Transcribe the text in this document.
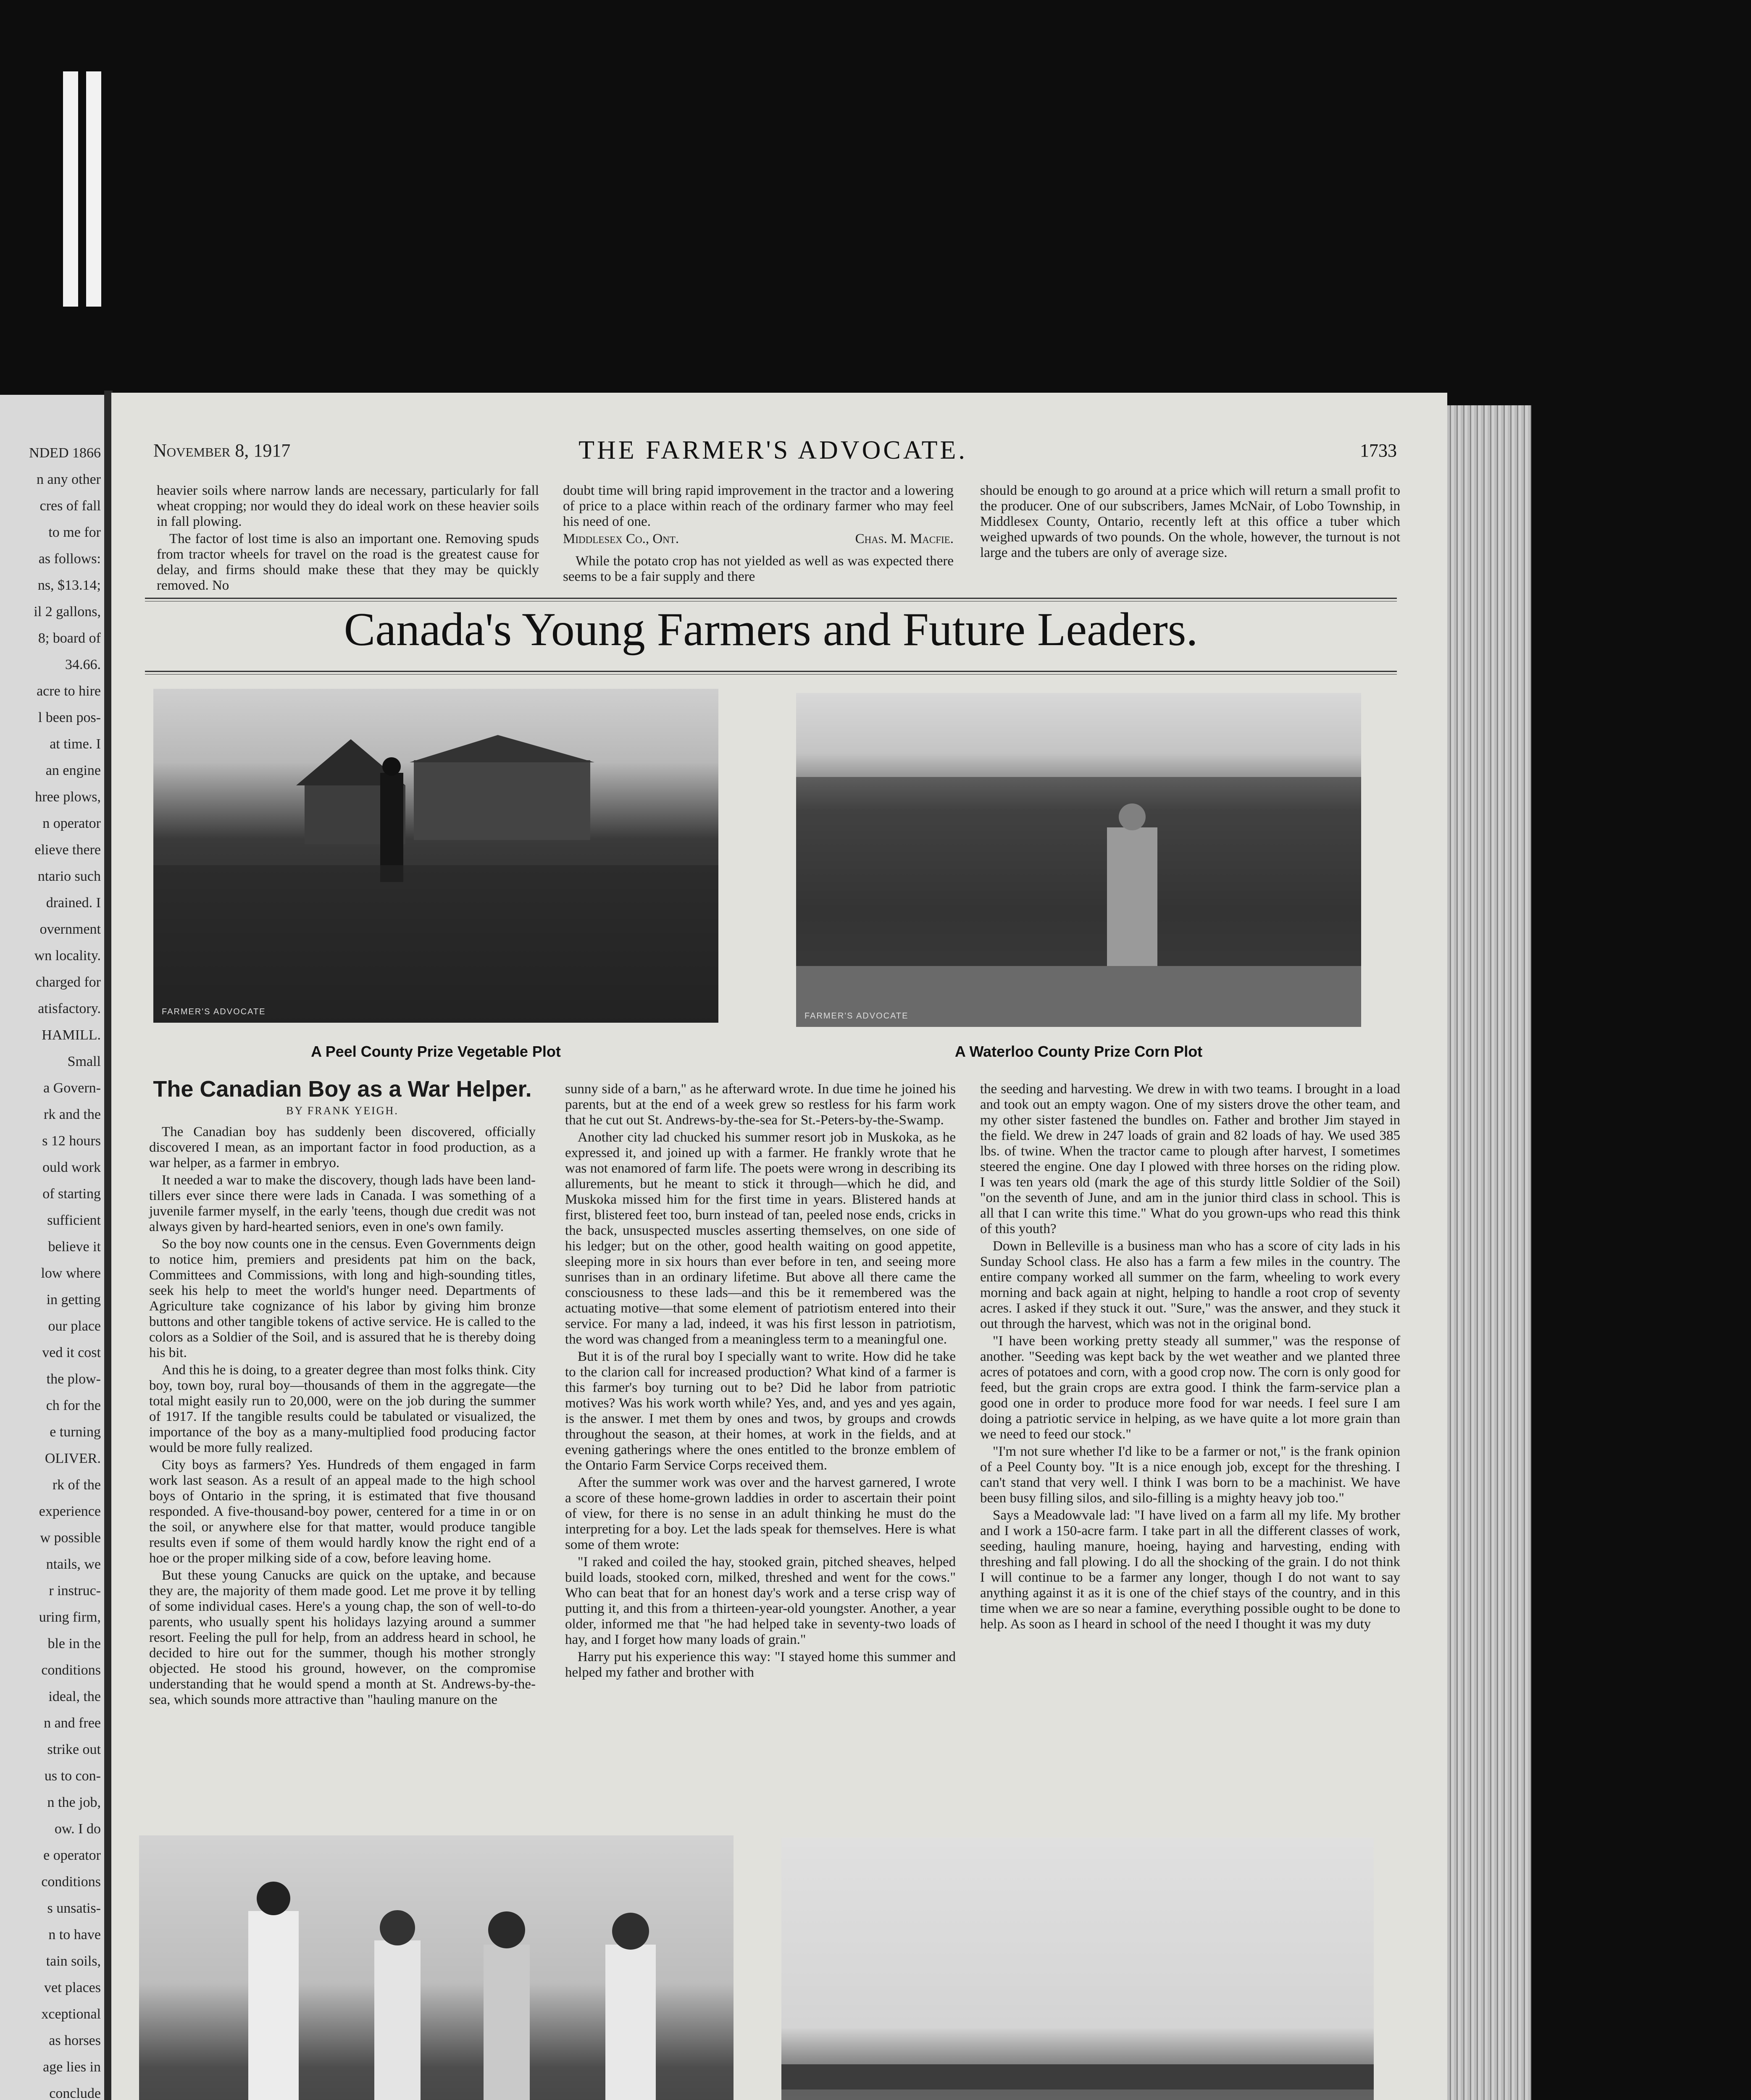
NDED 1866
n any other
cres of fall
to me for
as follows:
ns, $13.14;
il 2 gallons,
8; board of
34.66.
acre to hire
l been pos-
at time. I
an engine
hree plows,
n operator
elieve there
ntario such
drained. I
overnment
wn locality.
charged for
atisfactory.
HAMILL.
Small
a Govern-
rk and the
s 12 hours
ould work
of starting
sufficient
believe it
low where
in getting
our place
ved it cost
the plow-
ch for the
e turning
OLIVER.
rk of the
experience
w possible
ntails, we
r instruc-
uring firm,
ble in the
conditions
ideal, the
n and free
strike out
us to con-
n the job,
ow. I do
e operator
conditions
s unsatis-
n to have
tain soils,
vet places
xceptional
as horses
age lies in
conclude
November 8, 1917	THE FARMER'S ADVOCATE.	1733

heavier soils where narrow lands are necessary, particularly for fall wheat cropping; nor would they do ideal work on these heavier soils in fall plowing.

The factor of lost time is also an important one. Removing spuds from tractor wheels for travel on the road is the greatest cause for delay, and firms should make these that they may be quickly removed. No

doubt time will bring rapid improvement in the tractor and a lowering of price to a place within reach of the ordinary farmer who may feel his need of one.

Middlesex Co., Ont.	Chas. M. Macfie.

While the potato crop has not yielded as well as was expected there seems to be a fair supply and there

should be enough to go around at a price which will return a small profit to the producer. One of our subscribers, James McNair, of Lobo Township, in Middlesex County, Ontario, recently left at this office a tuber which weighed upwards of two pounds. On the whole, however, the turnout is not large and the tubers are only of average size.

Canada's Young Farmers and Future Leaders.
FARMER'S ADVOCATE
A Peel County Prize Vegetable Plot
FARMER'S ADVOCATE
A Waterloo County Prize Corn Plot
The Canadian Boy as a War Helper.
BY FRANK YEIGH.

The Canadian boy has suddenly been discovered, officially discovered I mean, as an important factor in food production, as a war helper, as a farmer in embryo.

It needed a war to make the discovery, though lads have been land-tillers ever since there were lads in Canada. I was something of a juvenile farmer myself, in the early 'teens, though due credit was not always given by hard-hearted seniors, even in one's own family.

So the boy now counts one in the census. Even Governments deign to notice him, premiers and presidents pat him on the back, Committees and Commissions, with long and high-sounding titles, seek his help to meet the world's hunger need. Departments of Agriculture take cognizance of his labor by giving him bronze buttons and other tangible tokens of active service. He is called to the colors as a Soldier of the Soil, and is assured that he is thereby doing his bit.

And this he is doing, to a greater degree than most folks think. City boy, town boy, rural boy—thousands of them in the aggregate—the total might easily run to 20,000, were on the job during the summer of 1917. If the tangible results could be tabulated or visualized, the importance of the boy as a many-multiplied food producing factor would be more fully realized.

City boys as farmers? Yes. Hundreds of them engaged in farm work last season. As a result of an appeal made to the high school boys of Ontario in the spring, it is estimated that five thousand responded. A five-thousand-boy power, centered for a time in or on the soil, or anywhere else for that matter, would produce tangible results even if some of them would hardly know the right end of a hoe or the proper milking side of a cow, before leaving home.

But these young Canucks are quick on the uptake, and because they are, the majority of them made good. Let me prove it by telling of some individual cases. Here's a young chap, the son of well-to-do parents, who usually spent his holidays lazying around a summer resort. Feeling the pull for help, from an address heard in school, he decided to hire out for the summer, though his mother strongly objected. He stood his ground, however, on the compromise understanding that he would spend a month at St. Andrews-by-the-sea, which sounds more attractive than "hauling manure on the

sunny side of a barn," as he afterward wrote. In due time he joined his parents, but at the end of a week grew so restless for his farm work that he cut out St. Andrews-by-the-sea for St.-Peters-by-the-Swamp.

Another city lad chucked his summer resort job in Muskoka, as he expressed it, and joined up with a farmer. He frankly wrote that he was not enamored of farm life. The poets were wrong in describing its allurements, but he meant to stick it through—which he did, and Muskoka missed him for the first time in years. Blistered hands at first, blistered feet too, burn instead of tan, peeled nose ends, cricks in the back, unsuspected muscles asserting themselves, on one side of his ledger; but on the other, good health waiting on good appetite, sleeping more in six hours than ever before in ten, and seeing more sunrises than in an ordinary lifetime. But above all there came the consciousness to these lads—and this be it remembered was the actuating motive—that some element of patriotism entered into their service. For many a lad, indeed, it was his first lesson in patriotism, the word was changed from a meaningless term to a meaningful one.

But it is of the rural boy I specially want to write. How did he take to the clarion call for increased production? What kind of a farmer is this farmer's boy turning out to be? Did he labor from patriotic motives? Was his work worth while? Yes, and, and yes and yes again, is the answer. I met them by ones and twos, by groups and crowds throughout the season, at their homes, at work in the fields, and at evening gatherings where the ones entitled to the bronze emblem of the Ontario Farm Service Corps received them.

After the summer work was over and the harvest garnered, I wrote a score of these home-grown laddies in order to ascertain their point of view, for there is no sense in an adult thinking he must do the interpreting for a boy. Let the lads speak for themselves. Here is what some of them wrote:

"I raked and coiled the hay, stooked grain, pitched sheaves, helped build loads, stooked corn, milked, threshed and went for the cows." Who can beat that for an honest day's work and a terse crisp way of putting it, and this from a thirteen-year-old youngster. Another, a year older, informed me that "he had helped take in seventy-two loads of hay, and I forget how many loads of grain."

Harry put his experience this way: "I stayed home this summer and helped my father and brother with

the seeding and harvesting. We drew in with two teams. I brought in a load and took out an empty wagon. One of my sisters drove the other team, and my other sister fastened the bundles on. Father and brother Jim stayed in the field. We drew in 247 loads of grain and 82 loads of hay. We used 385 lbs. of twine. When the tractor came to plough after harvest, I sometimes steered the engine. One day I plowed with three horses on the riding plow. I was ten years old (mark the age of this sturdy little Soldier of the Soil) "on the seventh of June, and am in the junior third class in school. This is all that I can write this time." What do you grown-ups who read this think of this youth?

Down in Belleville is a business man who has a score of city lads in his Sunday School class. He also has a farm a few miles in the country. The entire company worked all summer on the farm, wheeling to work every morning and back again at night, helping to handle a root crop of seventy acres. I asked if they stuck it out. "Sure," was the answer, and they stuck it out through the harvest, which was not in the original bond.

"I have been working pretty steady all summer," was the response of another. "Seeding was kept back by the wet weather and we planted three acres of potatoes and corn, with a good crop now. The corn is only good for feed, but the grain crops are extra good. I think the farm-service plan a good one in order to produce more food for war needs. I feel sure I am doing a patriotic service in helping, as we have quite a lot more grain than we need to feed our stock."

"I'm not sure whether I'd like to be a farmer or not," is the frank opinion of a Peel County boy. "It is a nice enough job, except for the threshing. I can't stand that very well. I think I was born to be a machinist. We have been busy filling silos, and silo-filling is a mighty heavy job too."

Says a Meadowvale lad: "I have lived on a farm all my life. My brother and I work a 150-acre farm. I take part in all the different classes of work, seeding, hauling manure, hoeing, haying and harvesting, ending with threshing and fall plowing. I do all the shocking of the grain. I do not think I will continue to be a farmer any longer, though I do not want to say anything against it as it is one of the chief stays of the country, and in this time when we are so near a famine, everything possible ought to be done to help. As soon as I heard in school of the need I thought it was my duty
